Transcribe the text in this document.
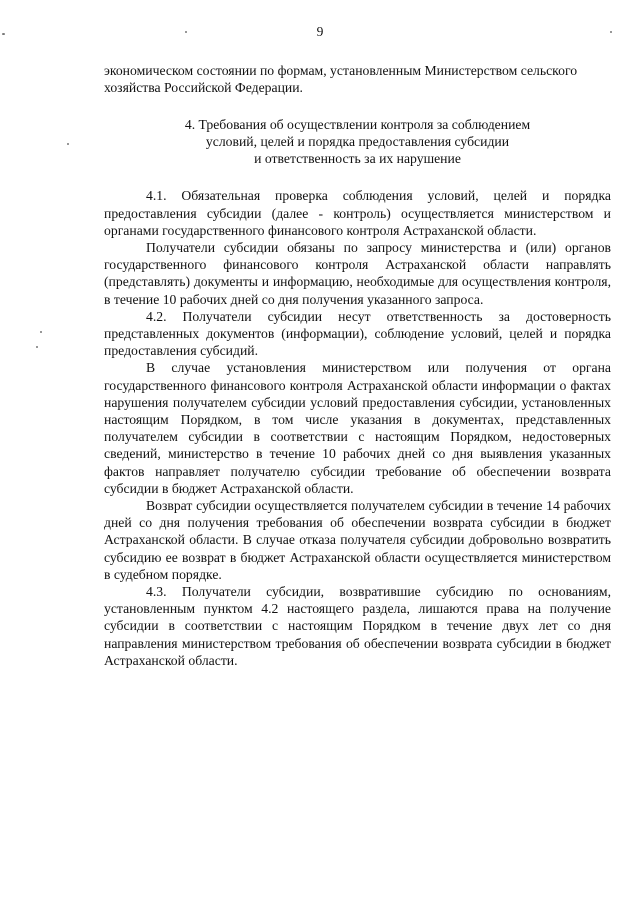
9

экономическом состоянии по формам, установленным Министерством сельского хозяйства Российской Федерации.

4. Требования об осуществлении контроля за соблюдением
условий, целей и порядка предоставления субсидии
и ответственность за их нарушение

4.1. Обязательная проверка соблюдения условий, целей и порядка предоставления субсидии (далее - контроль) осуществляется министерством и органами государственного финансового контроля Астраханской области.

Получатели субсидии обязаны по запросу министерства и (или) органов государственного финансового контроля Астраханской области направлять (представлять) документы и информацию, необходимые для осуществления контроля, в течение 10 рабочих дней со дня получения указанного запроса.

4.2. Получатели субсидии несут ответственность за достоверность представленных документов (информации), соблюдение условий, целей и порядка предоставления субсидий.

В случае установления министерством или получения от органа государственного финансового контроля Астраханской области информации о фактах нарушения получателем субсидии условий предоставления субсидии, установленных настоящим Порядком, в том числе указания в документах, представленных получателем субсидии в соответствии с настоящим Порядком, недостоверных сведений, министерство в течение 10 рабочих дней со дня выявления указанных фактов направляет получателю субсидии требование об обеспечении возврата субсидии в бюджет Астраханской области.

Возврат субсидии осуществляется получателем субсидии в течение 14 рабочих дней со дня получения требования об обеспечении возврата субсидии в бюджет Астраханской области. В случае отказа получателя субсидии добровольно возвратить субсидию ее возврат в бюджет Астраханской области осуществляется министерством в судебном порядке.

4.3. Получатели субсидии, возвратившие субсидию по основаниям, установленным пунктом 4.2 настоящего раздела, лишаются права на получение субсидии в соответствии с настоящим Порядком в течение двух лет со дня направления министерством требования об обеспечении возврата субсидии в бюджет Астраханской области.
